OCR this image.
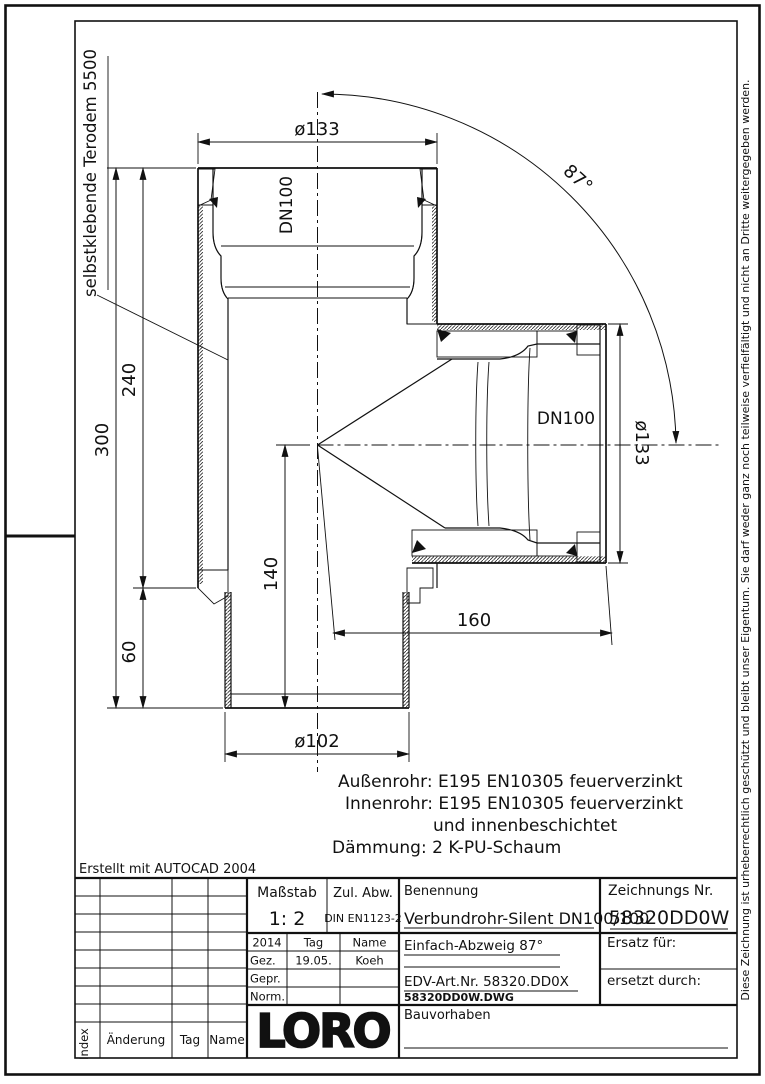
ø133
87°
300
240
60
140
160
ø102
ø133
DN100
DN100
selbstklebende Terodem 5500
Außenrohr: E195 EN10305 feuerverzinkt
Innenrohr: E195 EN10305 feuerverzinkt
und innenbeschichtet
Dämmung: 2 K-PU-Schaum
Erstellt mit AUTOCAD 2004	Diese Zeichnung ist urheberrechtlich geschützt und bleibt unser Eigentum. Sie darf weder ganz noch teilweise verfielfältigt und nicht an Dritte weitergegeben werden.
Maßstab
1: 2
Zul. Abw.
DIN EN1123-2
Benennung
Verbundrohr-Silent DN100/100
Zeichnungs Nr.
58320DD0W
2014 Tag	Name
Gez. 19.05. Koeh
Gepr.
Norm.
Einfach-Abzweig 87°
EDV-Art.Nr. 58320.DD0X
58320DD0W.DWG
Ersatz für:
ersetzt durch:
Bauvorhaben
LORO
Index Änderung Tag Name
